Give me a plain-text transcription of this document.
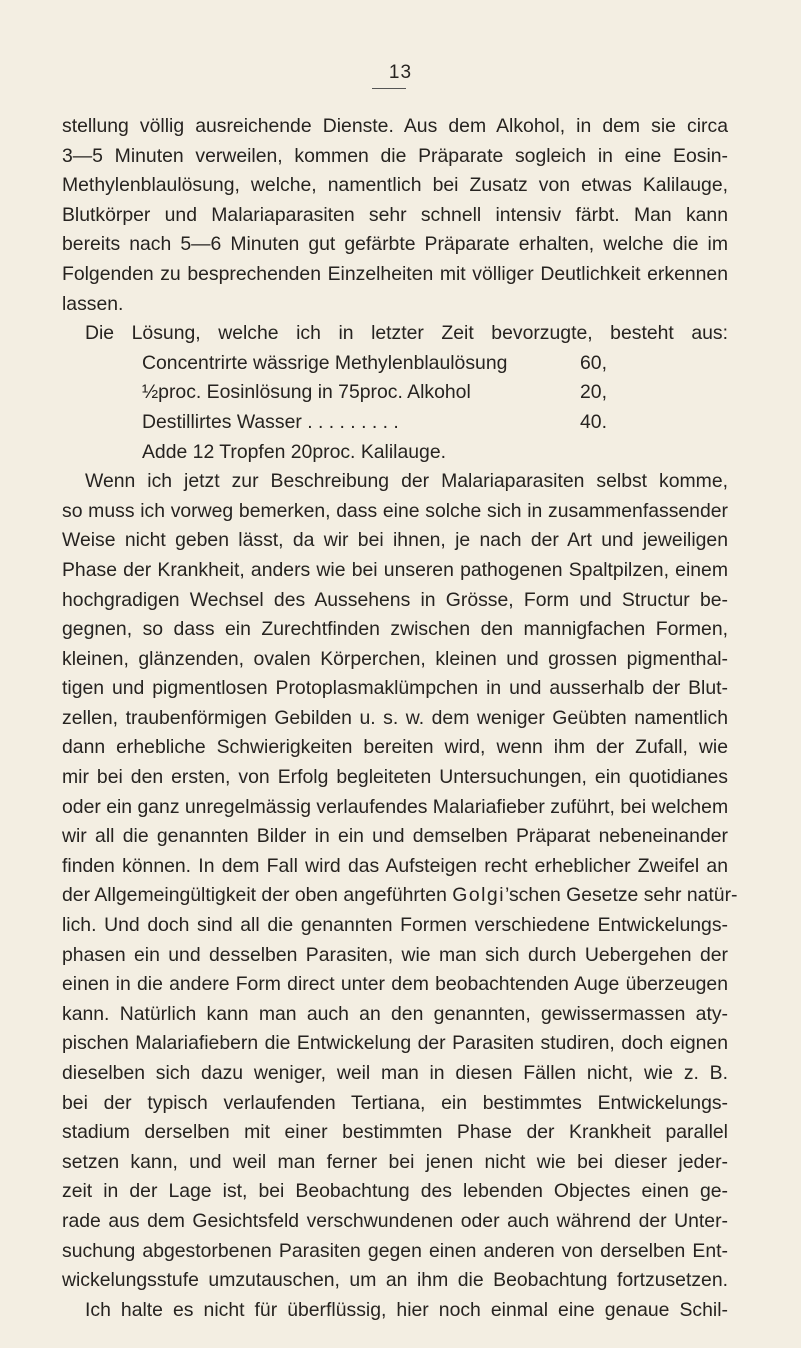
13
stellung völlig ausreichende Dienste. Aus dem Alkohol, in dem sie circa
3—5 Minuten verweilen, kommen die Präparate sogleich in eine Eosin-
Methylenblaulösung, welche, namentlich bei Zusatz von etwas Kalilauge,
Blutkörper und Malariaparasiten sehr schnell intensiv färbt. Man kann
bereits nach 5—6 Minuten gut gefärbte Präparate erhalten, welche die im
Folgenden zu besprechenden Einzelheiten mit völliger Deutlichkeit erkennen
lassen.
Die Lösung, welche ich in letzter Zeit bevorzugte, besteht aus:
Concentrirte wässrige Methylenblaulösung	60,
½proc. Eosinlösung in 75proc. Alkohol	20,
Destillirtes Wasser . . . . . . . . .	40.
Adde 12 Tropfen 20proc. Kalilauge.
Wenn ich jetzt zur Beschreibung der Malariaparasiten selbst komme,
so muss ich vorweg bemerken, dass eine solche sich in zusammenfassender
Weise nicht geben lässt, da wir bei ihnen, je nach der Art und jeweiligen
Phase der Krankheit, anders wie bei unseren pathogenen Spaltpilzen, einem
hochgradigen Wechsel des Aussehens in Grösse, Form und Structur be-
gegnen, so dass ein Zurechtfinden zwischen den mannigfachen Formen,
kleinen, glänzenden, ovalen Körperchen, kleinen und grossen pigmenthal-
tigen und pigmentlosen Protoplasmaklümpchen in und ausserhalb der Blut-
zellen, traubenförmigen Gebilden u. s. w. dem weniger Geübten namentlich
dann erhebliche Schwierigkeiten bereiten wird, wenn ihm der Zufall, wie
mir bei den ersten, von Erfolg begleiteten Untersuchungen, ein quotidianes
oder ein ganz unregelmässig verlaufendes Malariafieber zuführt, bei welchem
wir all die genannten Bilder in ein und demselben Präparat nebeneinander
finden können. In dem Fall wird das Aufsteigen recht erheblicher Zweifel an
der Allgemeingültigkeit der oben angeführten Golgi’schen Gesetze sehr natür-
lich. Und doch sind all die genannten Formen verschiedene Entwickelungs-
phasen ein und desselben Parasiten, wie man sich durch Uebergehen der
einen in die andere Form direct unter dem beobachtenden Auge überzeugen
kann. Natürlich kann man auch an den genannten, gewissermassen aty-
pischen Malariafiebern die Entwickelung der Parasiten studiren, doch eignen
dieselben sich dazu weniger, weil man in diesen Fällen nicht, wie z. B.
bei der typisch verlaufenden Tertiana, ein bestimmtes Entwickelungs-
stadium derselben mit einer bestimmten Phase der Krankheit parallel
setzen kann, und weil man ferner bei jenen nicht wie bei dieser jeder-
zeit in der Lage ist, bei Beobachtung des lebenden Objectes einen ge-
rade aus dem Gesichtsfeld verschwundenen oder auch während der Unter-
suchung abgestorbenen Parasiten gegen einen anderen von derselben Ent-
wickelungsstufe umzutauschen, um an ihm die Beobachtung fortzusetzen.
Ich halte es nicht für überflüssig, hier noch einmal eine genaue Schil-
